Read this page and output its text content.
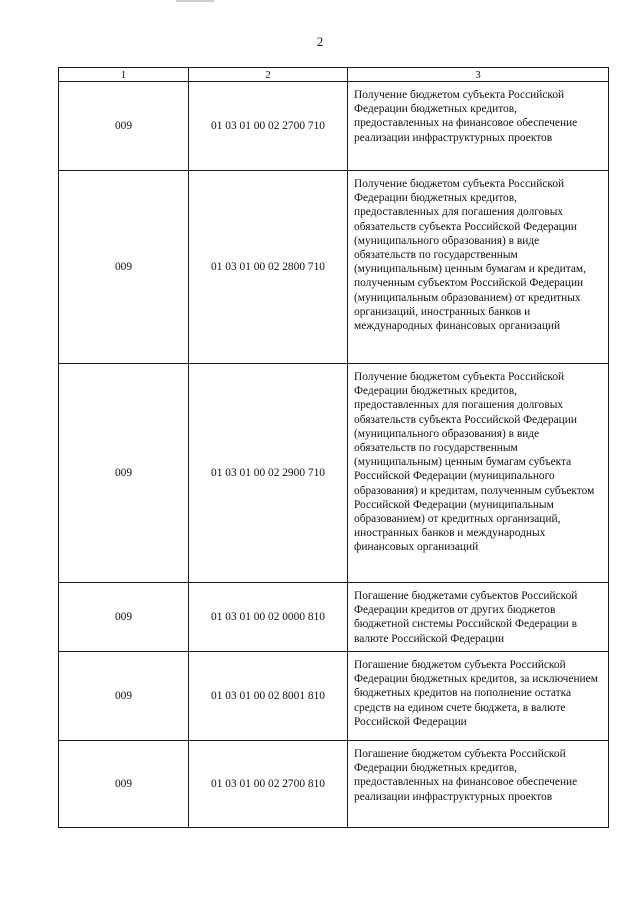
2
1	2	3
009	01 03 01 00 02 2700 710	Получение бюджетом субъекта Российской Федерации бюджетных кредитов, предоставленных на финансовое обеспечение реализации инфраструктурных проектов
009	01 03 01 00 02 2800 710	Получение бюджетом субъекта Российской Федерации бюджетных кредитов, предоставленных для погашения долговых обязательств субъекта Российской Федерации (муниципального образования) в виде обязательств по государственным (муниципальным) ценным бумагам и кредитам, полученным субъектом Российской Федерации (муниципальным образованием) от кредитных организаций, иностранных банков и международных финансовых организаций
009	01 03 01 00 02 2900 710	Получение бюджетом субъекта Российской Федерации бюджетных кредитов, предоставленных для погашения долговых обязательств субъекта Российской Федерации (муниципального образования) в виде обязательств по государственным (муниципальным) ценным бумагам субъекта Российской Федерации (муниципального образования) и кредитам, полученным субъектом Российской Федерации (муниципальным образованием) от кредитных организаций, иностранных банков и международных финансовых организаций
009	01 03 01 00 02 0000 810	Погашение бюджетами субъектов Российской Федерации кредитов от других бюджетов бюджетной системы Российской Федерации в валюте Российской Федерации
009	01 03 01 00 02 8001 810	Погашение бюджетом субъекта Российской Федерации бюджетных кредитов, за исключением бюджетных кредитов на пополнение остатка средств на едином счете бюджета, в валюте Российской Федерации
009	01 03 01 00 02 2700 810	Погашение бюджетом субъекта Российской Федерации бюджетных кредитов, предоставленных на финансовое обеспечение реализации инфраструктурных проектов
